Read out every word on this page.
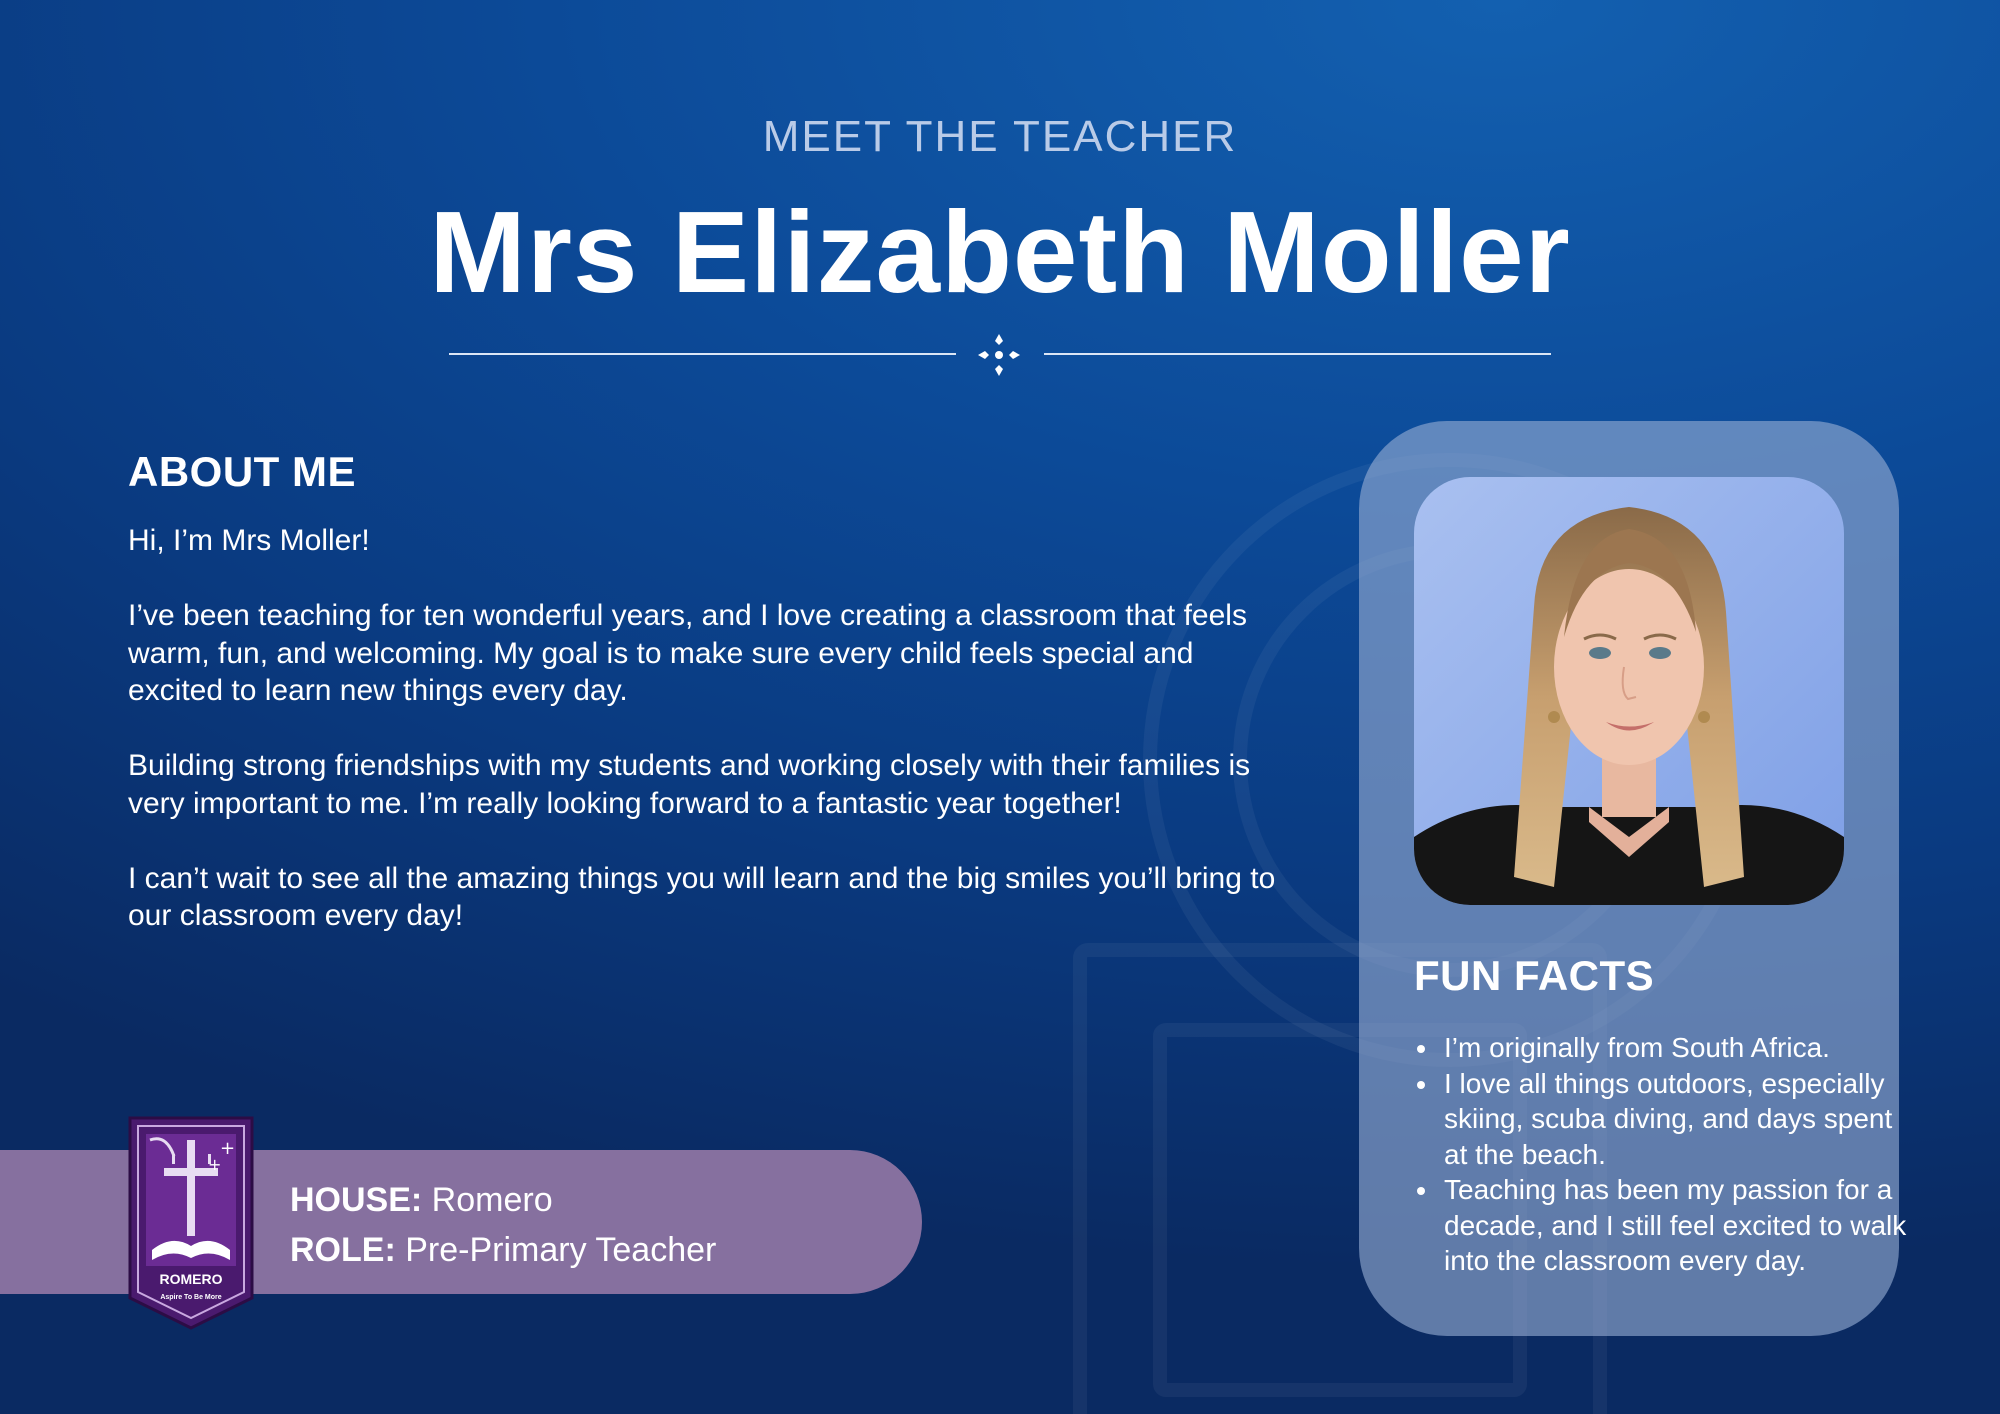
MEET THE TEACHER
Mrs Elizabeth Moller
ABOUT ME

Hi, I’m Mrs Moller!

I’ve been teaching for ten wonderful years, and I love creating a classroom that feels warm, fun, and welcoming. My goal is to make sure every child feels special and excited to learn new things every day.

Building strong friendships with my students and working closely with their families is very important to me. I’m really looking forward to a fantastic year together!

I can’t wait to see all the amazing things you will learn and the big smiles you’ll bring to our classroom every day!

HOUSE: Romero
ROLE: Pre-Primary Teacher
+
+
ROMERO
Aspire To Be More
FUN FACTS
• I’m originally from South Africa.
• I love all things outdoors, especially skiing, scuba diving, and days spent at the beach.
• Teaching has been my passion for a decade, and I still feel excited to walk into the classroom every day.
